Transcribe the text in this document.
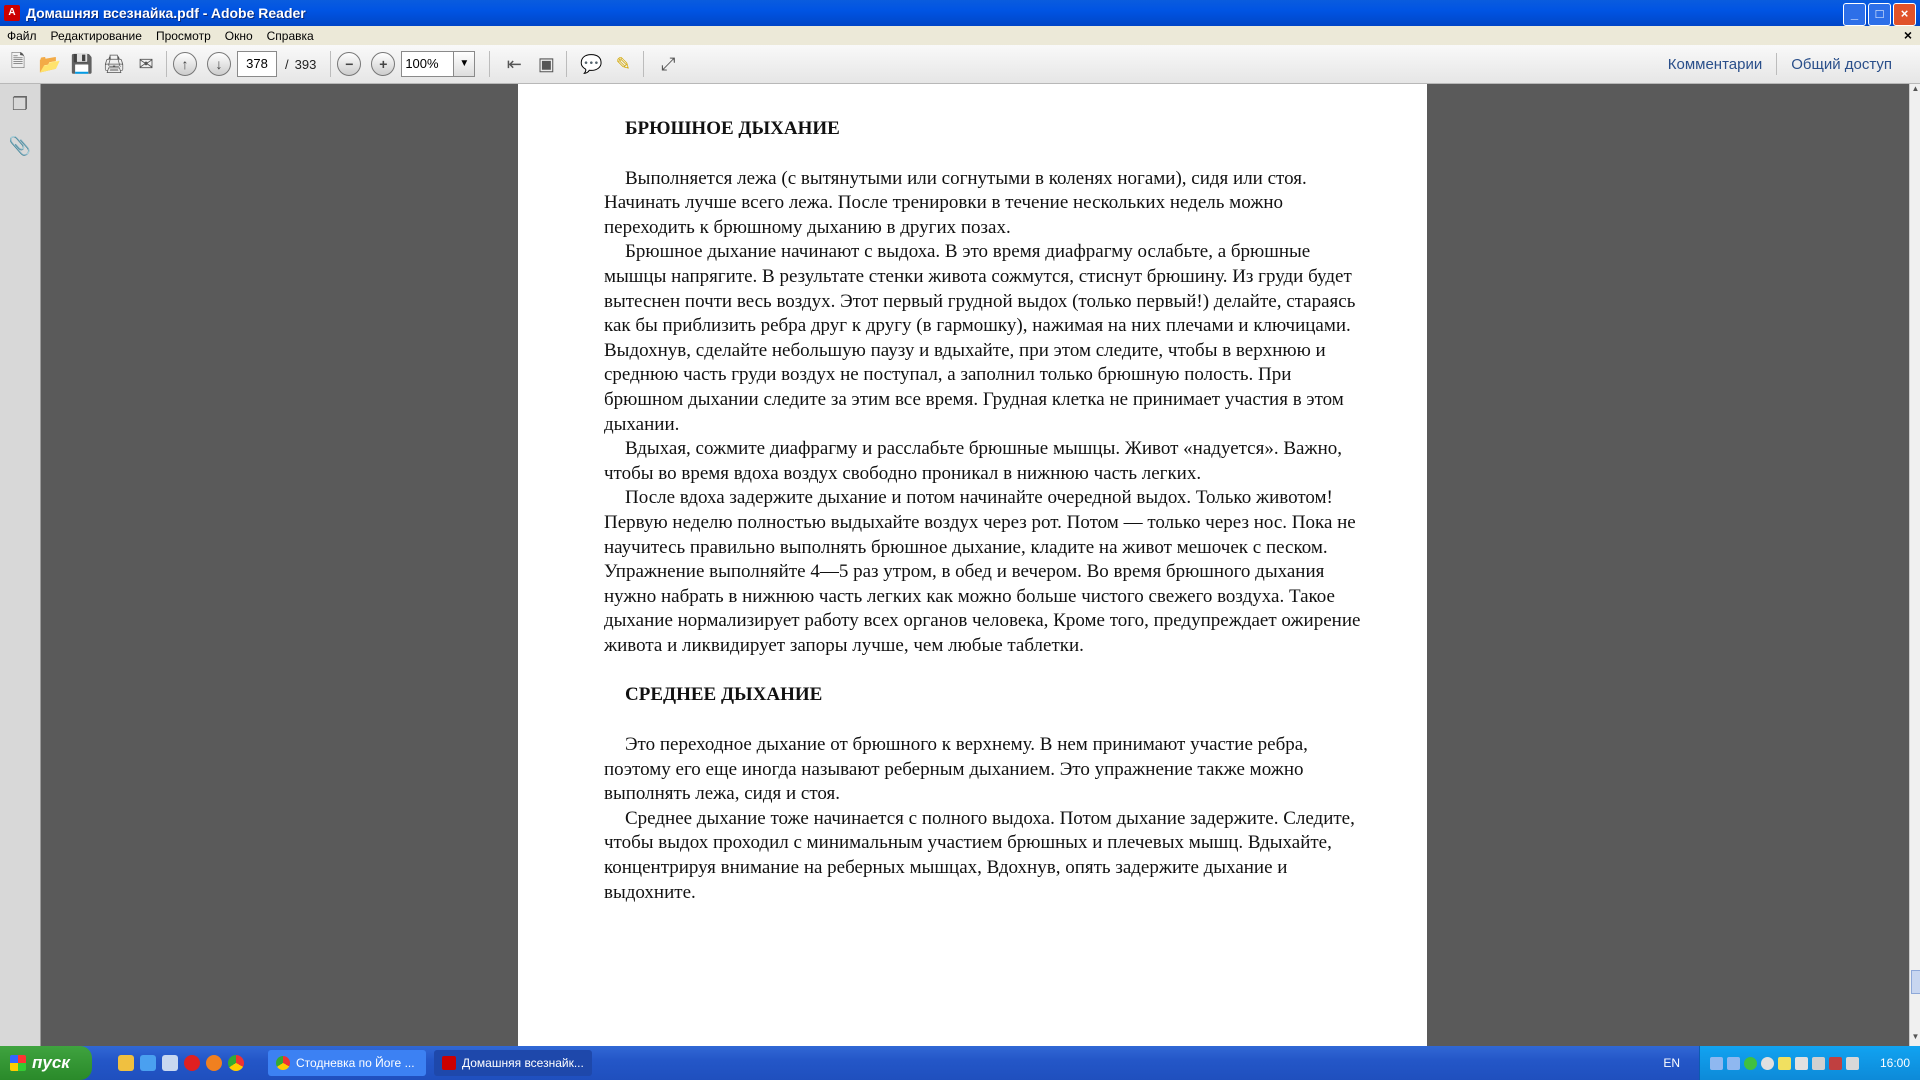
A Домашняя всезнайка.pdf - Adobe Reader	_	□	×
Файл	Редактирование	Просмотр	Окно	Справка	×
🗎 📂 💾 🖨 ✉	↑	↓	378	/ 393	−	+	100%	▼	⇤ ▣	💬 ✎	⤢	Комментарии	Общий доступ
❐
📎
БРЮШНОЕ ДЫХАНИЕ

Выполняется лежа (с вытянутыми или согнутыми в коленях ногами), сидя или стоя. Начинать лучше всего лежа. После тренировки в течение нескольких недель можно переходить к брюшному дыханию в других позах.

Брюшное дыхание начинают с выдоха. В это время диафрагму ослабьте, а брюшные мышцы напрягите. В результате стенки живота сожмутся, стиснут брюшину. Из груди будет вытеснен почти весь воздух. Этот первый грудной выдох (только первый!) делайте, стараясь как бы приблизить ребра друг к другу (в гармошку), нажимая на них плечами и ключицами. Выдохнув, сделайте небольшую паузу и вдыхайте, при этом следите, чтобы в верхнюю и среднюю часть груди воздух не поступал, а заполнил только брюшную полость. При брюшном дыхании следите за этим все время. Грудная клетка не принимает участия в этом дыхании.

Вдыхая, сожмите диафрагму и расслабьте брюшные мышцы. Живот «надуется». Важно, чтобы во время вдоха воздух свободно проникал в нижнюю часть легких.

После вдоха задержите дыхание и потом начинайте очередной выдох. Только животом! Первую неделю полностью выдыхайте воздух через рот. Потом — только через нос. Пока не научитесь правильно выполнять брюшное дыхание, кладите на живот мешочек с песком. Упражнение выполняйте 4—5 раз утром, в обед и вечером. Во время брюшного дыхания нужно набрать в нижнюю часть легких как можно больше чистого свежего воздуха. Такое дыхание нормализирует работу всех органов человека, Кроме того, предупреждает ожирение живота и ликвидирует запоры лучше, чем любые таблетки.

СРЕДНЕЕ ДЫХАНИЕ

Это переходное дыхание от брюшного к верхнему. В нем принимают участие ребра, поэтому его еще иногда называют реберным дыханием. Это упражнение также можно выполнять лежа, сидя и стоя.

Среднее дыхание тоже начинается с полного выдоха. Потом дыхание задержите. Следите, чтобы выдох проходил с минимальным участием брюшных и плечевых мышц. Вдыхайте, концентрируя внимание на реберных мышцах, Вдохнув, опять задержите дыхание и выдохните.

▲
▼
пуск	Стодневка по Йоге ...	Домашняя всезнайк...	EN	16:00
